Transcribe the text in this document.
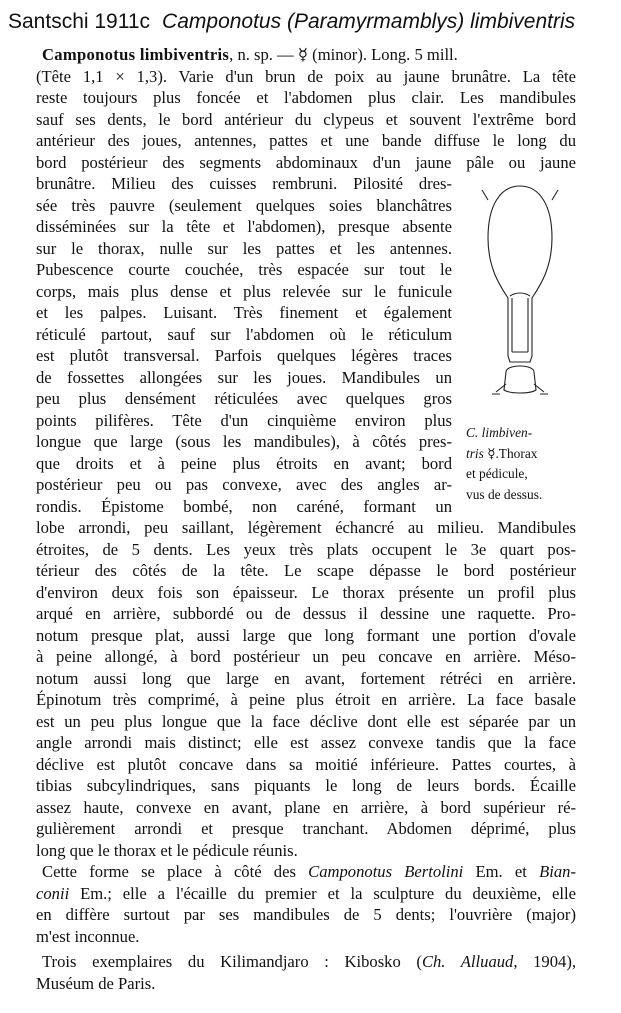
Santschi 1911c Camponotus (Paramyrmamblys) limbiventris
Camponotus limbiventris, n. sp. — ☿ (minor). Long. 5 mill.
(Tête 1,1 × 1,3). Varie d'un brun de poix au jaune brunâtre. La tête
reste toujours plus foncée et l'abdomen plus clair. Les mandibules
sauf ses dents, le bord antérieur du clypeus et souvent l'extrême bord
antérieur des joues, antennes, pattes et une bande diffuse le long du
bord postérieur des segments abdominaux d'un jaune pâle ou jaune
brunâtre. Milieu des cuisses rembruni. Pilosité dres-
sée très pauvre (seulement quelques soies blanchâtres
disséminées sur la tête et l'abdomen), presque absente
sur le thorax, nulle sur les pattes et les antennes.
Pubescence courte couchée, très espacée sur tout le
corps, mais plus dense et plus relevée sur le funicule
et les palpes. Luisant. Très finement et également
réticulé partout, sauf sur l'abdomen où le réticulum
est plutôt transversal. Parfois quelques légères traces
de fossettes allongées sur les joues. Mandibules un
peu plus densément réticulées avec quelques gros
points pilifères. Tête d'un cinquième environ plus
longue que large (sous les mandibules), à côtés pres-
que droits et à peine plus étroits en avant; bord
postérieur peu ou pas convexe, avec des angles ar-
rondis. Épistome bombé, non caréné, formant un
lobe arrondi, peu saillant, légèrement échancré au milieu. Mandibules
étroites, de 5 dents. Les yeux très plats occupent le 3e quart pos-
térieur des côtés de la tête. Le scape dépasse le bord postérieur
d'environ deux fois son épaisseur. Le thorax présente un profil plus
arqué en arrière, subbordé ou de dessus il dessine une raquette. Pro-
notum presque plat, aussi large que long formant une portion d'ovale
à peine allongé, à bord postérieur un peu concave en arrière. Méso-
notum aussi long que large en avant, fortement rétréci en arrière.
Épinotum très comprimé, à peine plus étroit en arrière. La face basale
est un peu plus longue que la face déclive dont elle est séparée par un
angle arrondi mais distinct; elle est assez convexe tandis que la face
déclive est plutôt concave dans sa moitié inférieure. Pattes courtes, à
tibias subcylindriques, sans piquants le long de leurs bords. Écaille
assez haute, convexe en avant, plane en arrière, à bord supérieur ré-
gulièrement arrondi et presque tranchant. Abdomen déprimé, plus
long que le thorax et le pédicule réunis.
Cette forme se place à côté des Camponotus Bertolini Em. et Bian-
conii Em.; elle a l'écaille du premier et la sculpture du deuxième, elle
en diffère surtout par ses mandibules de 5 dents; l'ouvrière (major)
m'est inconnue.
Trois exemplaires du Kilimandjaro : Kibosko (Ch. Alluaud, 1904),
Muséum de Paris.
C. limbiven-
tris ☿.Thorax
et pédicule,
vus de dessus.
